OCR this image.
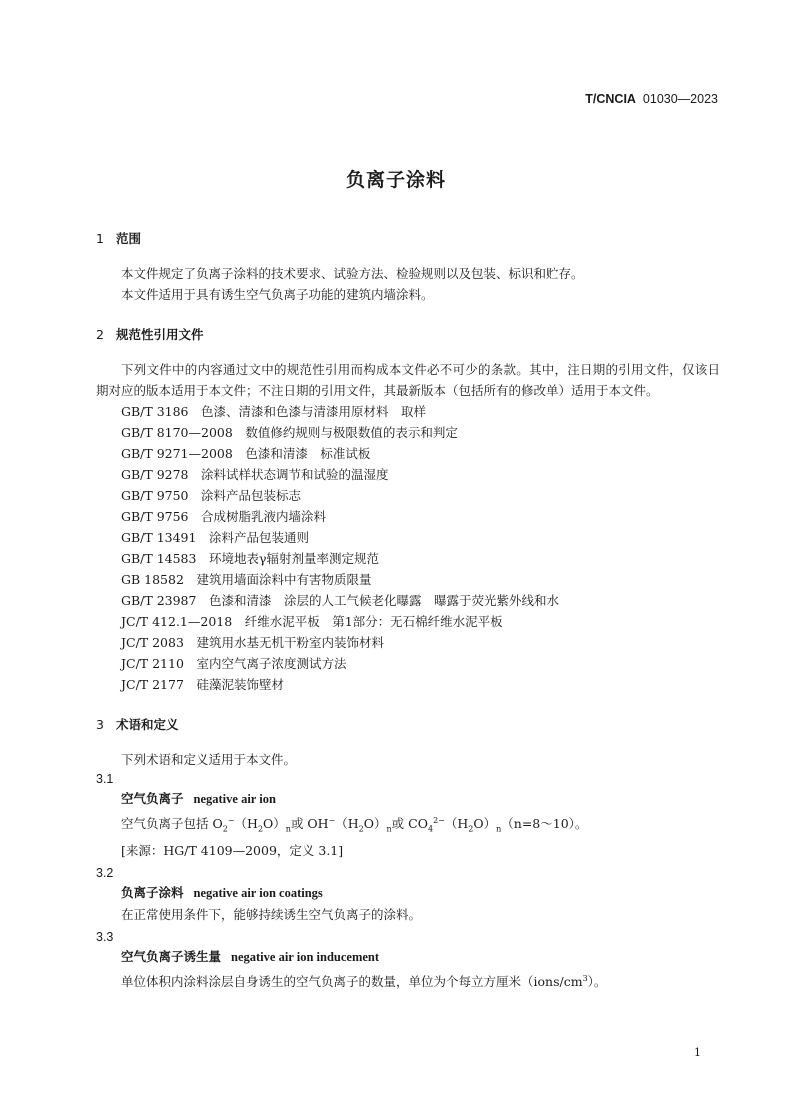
T/CNCIA 01030—2023
负离子涂料
1 范围
本文件规定了负离子涂料的技术要求、试验方法、检验规则以及包装、标识和贮存。
本文件适用于具有诱生空气负离子功能的建筑内墙涂料。
2 规范性引用文件
下列文件中的内容通过文中的规范性引用而构成本文件必不可少的条款。其中，注日期的引用文件，仅该日期对应的版本适用于本文件；不注日期的引用文件，其最新版本（包括所有的修改单）适用于本文件。
GB/T 3186　 色漆、清漆和色漆与清漆用原材料　取样
GB/T 8170—2008　 数值修约规则与极限数值的表示和判定
GB/T 9271—2008　 色漆和清漆　标准试板
GB/T 9278　 涂料试样状态调节和试验的温湿度
GB/T 9750　 涂料产品包装标志
GB/T 9756　 合成树脂乳液内墙涂料
GB/T 13491　 涂料产品包装通则
GB/T 14583　 环境地表γ辐射剂量率测定规范
GB 18582　 建筑用墙面涂料中有害物质限量
GB/T 23987　 色漆和清漆　涂层的人工气候老化曝露　曝露于荧光紫外线和水
JC/T 412.1—2018　 纤维水泥平板　第1部分：无石棉纤维水泥平板
JC/T 2083　 建筑用水基无机干粉室内装饰材料
JC/T 2110　 室内空气离子浓度测试方法
JC/T 2177　 硅藻泥装饰壁材
3 术语和定义
下列术语和定义适用于本文件。
3.1
空气负离子 negative air ion
空气负离子包括 $O_2^-(H_2O)_n$或 $OH^-(H_2O)_n$或 $CO_4^{2-}(H_2O)_n(n=8\sim 10)$。
[来源：HG/T 4109—2009，定义 3.1]
3.2
负离子涂料 negative air ion coatings
在正常使用条件下，能够持续诱生空气负离子的涂料。
3.3
空气负离子诱生量 negative air ion inducement
单位体积内涂料涂层自身诱生的空气负离子的数量，单位为个每立方厘米$(ions/cm^3)$。
1
